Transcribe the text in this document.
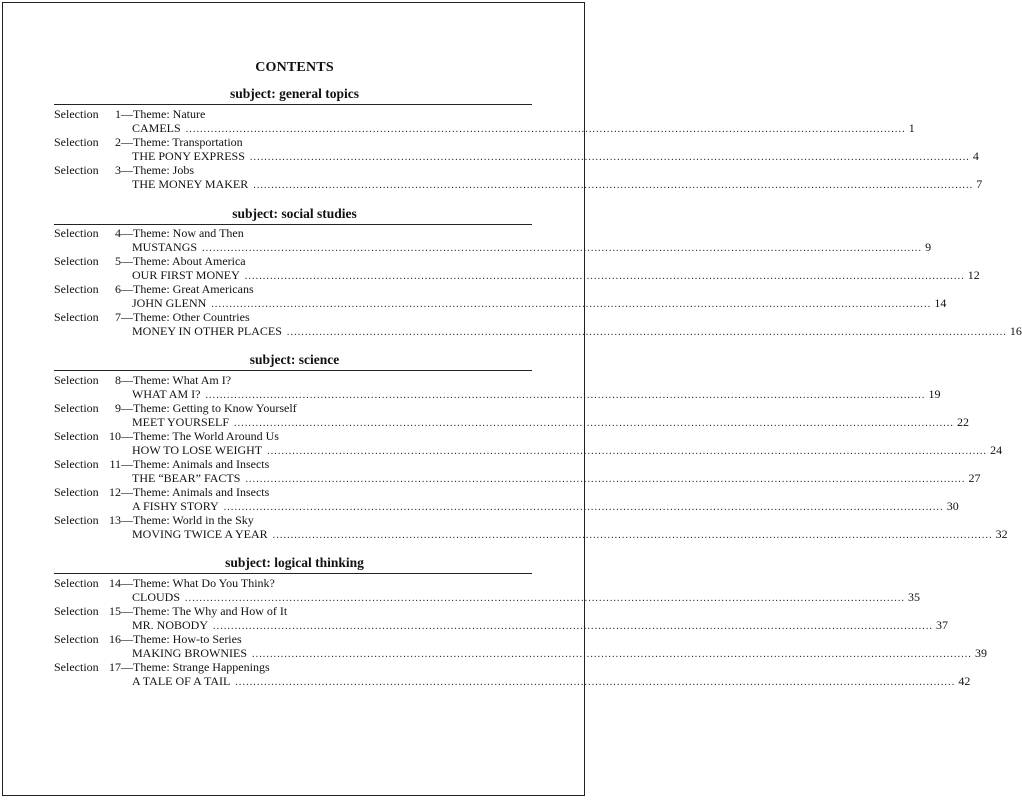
CONTENTS
subject: general topics
Selection	1 —Theme: Nature
CAMELS ........................................................................................................................................................................................................ 1
Selection	2 —Theme: Transportation
THE PONY EXPRESS ........................................................................................................................................................................................................ 4
Selection	3 —Theme: Jobs
THE MONEY MAKER ........................................................................................................................................................................................................ 7
subject: social studies
Selection	4 —Theme: Now and Then
MUSTANGS ........................................................................................................................................................................................................ 9
Selection	5 —Theme: About America
OUR FIRST MONEY ........................................................................................................................................................................................................ 12
Selection	6 —Theme: Great Americans
JOHN GLENN ........................................................................................................................................................................................................ 14
Selection	7 —Theme: Other Countries
MONEY IN OTHER PLACES ........................................................................................................................................................................................................ 16
subject: science
Selection	8 —Theme: What Am I?
WHAT AM I? ........................................................................................................................................................................................................ 19
Selection	9 —Theme: Getting to Know Yourself
MEET YOURSELF ........................................................................................................................................................................................................ 22
Selection 10 —Theme: The World Around Us
HOW TO LOSE WEIGHT ........................................................................................................................................................................................................ 24
Selection 11 —Theme: Animals and Insects
THE “BEAR” FACTS ........................................................................................................................................................................................................ 27
Selection 12 —Theme: Animals and Insects
A FISHY STORY ........................................................................................................................................................................................................ 30
Selection 13 —Theme: World in the Sky
MOVING TWICE A YEAR ........................................................................................................................................................................................................ 32
subject: logical thinking
Selection 14 —Theme: What Do You Think?
CLOUDS ........................................................................................................................................................................................................ 35
Selection 15 —Theme: The Why and How of It
MR. NOBODY ........................................................................................................................................................................................................ 37
Selection 16 —Theme: How-to Series
MAKING BROWNIES ........................................................................................................................................................................................................ 39
Selection 17 —Theme: Strange Happenings
A TALE OF A TAIL ........................................................................................................................................................................................................ 42
